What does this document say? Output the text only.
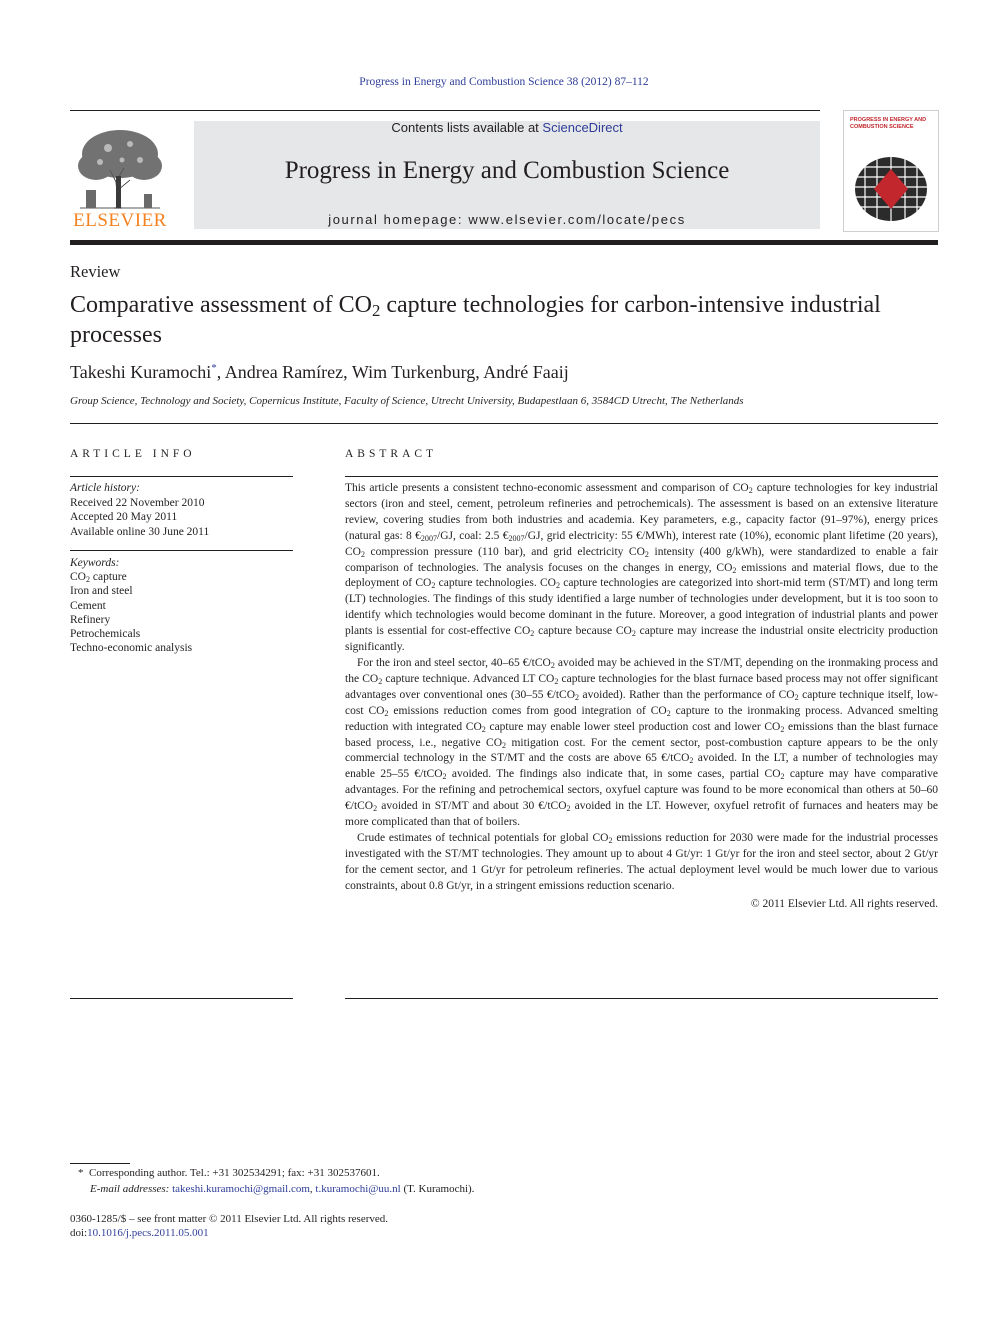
Progress in Energy and Combustion Science 38 (2012) 87–112
ELSEVIER
Contents lists available at ScienceDirect
Progress in Energy and Combustion Science
journal homepage: www.elsevier.com/locate/pecs
PROGRESS IN ENERGY AND COMBUSTION SCIENCE
Review
Comparative assessment of $CO_2$ capture technologies for carbon-intensive industrial processes
Takeshi Kuramochi*, Andrea Ramírez, Wim Turkenburg, André Faaij
Group Science, Technology and Society, Copernicus Institute, Faculty of Science, Utrecht University, Budapestlaan 6, 3584CD Utrecht, The Netherlands
ARTICLE INFO	ABSTRACT
Article history:
Received 22 November 2010
Accepted 20 May 2011
Available online 30 June 2011
Keywords:
$CO_2$ capture
Iron and steel
Cement
Refinery
Petrochemicals
Techno-economic analysis

This article presents a consistent techno-economic assessment and comparison of $CO_2$ capture technologies for key industrial sectors (iron and steel, cement, petroleum refineries and petrochemicals). The assessment is based on an extensive literature review, covering studies from both industries and academia. Key parameters, e.g., capacity factor (91–97%), energy prices (natural gas: 8 $€_{2007}/GJ$, coal: 2.5 $€_{2007}/GJ$, grid electricity: 55 €/MWh), interest rate (10%), economic plant lifetime (20 years), $CO_2$ compression pressure (110 bar), and grid electricity $CO_2$ intensity (400 g/kWh), were standardized to enable a fair comparison of technologies. The analysis focuses on the changes in energy, $CO_2$ emissions and material flows, due to the deployment of $CO_2$ capture technologies. $CO_2$ capture technologies are categorized into short-mid term (ST/MT) and long term (LT) technologies. The findings of this study identified a large number of technologies under development, but it is too soon to identify which technologies would become dominant in the future. Moreover, a good integration of industrial plants and power plants is essential for cost-effective $CO_2$ capture because $CO_2$ capture may increase the industrial onsite electricity production significantly.

For the iron and steel sector, 40–65 €/tCO$_2$ avoided may be achieved in the ST/MT, depending on the ironmaking process and the $CO_2$ capture technique. Advanced LT $CO_2$ capture technologies for the blast furnace based process may not offer significant advantages over conventional ones (30–55 €/tCO$_2$ avoided). Rather than the performance of $CO_2$ capture technique itself, low-cost $CO_2$ emissions reduction comes from good integration of $CO_2$ capture to the ironmaking process. Advanced smelting reduction with integrated $CO_2$ capture may enable lower steel production cost and lower $CO_2$ emissions than the blast furnace based process, i.e., negative $CO_2$ mitigation cost. For the cement sector, post-combustion capture appears to be the only commercial technology in the ST/MT and the costs are above 65 €/tCO$_2$ avoided. In the LT, a number of technologies may enable 25–55 €/tCO$_2$ avoided. The findings also indicate that, in some cases, partial $CO_2$ capture may have comparative advantages. For the refining and petrochemical sectors, oxyfuel capture was found to be more economical than others at 50–60 €/tCO$_2$ avoided in ST/MT and about 30 €/tCO$_2$ avoided in the LT. However, oxyfuel retrofit of furnaces and heaters may be more complicated than that of boilers.

Crude estimates of technical potentials for global $CO_2$ emissions reduction for 2030 were made for the industrial processes investigated with the ST/MT technologies. They amount up to about 4 Gt/yr: 1 Gt/yr for the iron and steel sector, about 2 Gt/yr for the cement sector, and 1 Gt/yr for petroleum refineries. The actual deployment level would be much lower due to various constraints, about 0.8 Gt/yr, in a stringent emissions reduction scenario.

© 2011 Elsevier Ltd. All rights reserved.
* Corresponding author. Tel.: +31 302534291; fax: +31 302537601.
E-mail addresses: takeshi.kuramochi@gmail.com, t.kuramochi@uu.nl (T. Kuramochi).
0360-1285/$ – see front matter © 2011 Elsevier Ltd. All rights reserved.
doi:10.1016/j.pecs.2011.05.001
